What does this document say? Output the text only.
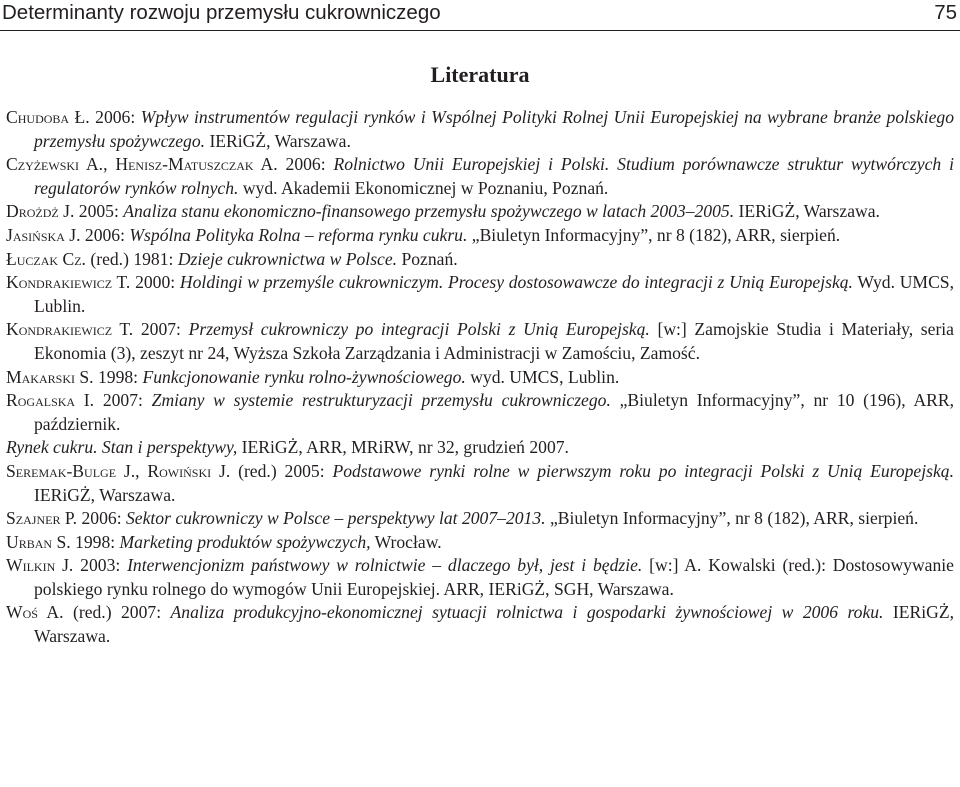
Determinanty rozwoju przemysłu cukrowniczego	75
Literatura

Chudoba Ł. 2006: Wpływ instrumentów regulacji rynków i Wspólnej Polityki Rolnej Unii Europejskiej na wybrane branże polskiego przemysłu spożywczego. IERiGŻ, Warszawa.

Czyżewski A., Henisz-Matuszczak A. 2006: Rolnictwo Unii Europejskiej i Polski. Studium porównawcze struktur wytwórczych i regulatorów rynków rolnych. wyd. Akademii Ekonomicznej w Poznaniu, Poznań.

Drożdż J. 2005: Analiza stanu ekonomiczno-finansowego przemysłu spożywczego w latach 2003–2005. IERiGŻ, Warszawa.

Jasińska J. 2006: Wspólna Polityka Rolna – reforma rynku cukru. „Biuletyn Informacyjny”, nr 8 (182), ARR, sierpień.

Łuczak Cz. (red.) 1981: Dzieje cukrownictwa w Polsce. Poznań.

Kondrakiewicz T. 2000: Holdingi w przemyśle cukrowniczym. Procesy dostosowawcze do integracji z Unią Europejską. Wyd. UMCS, Lublin.

Kondrakiewicz T. 2007: Przemysł cukrowniczy po integracji Polski z Unią Europejską. [w:] Zamojskie Studia i Materiały, seria Ekonomia (3), zeszyt nr 24, Wyższa Szkoła Zarządzania i Administracji w Zamościu, Zamość.

Makarski S. 1998: Funkcjonowanie rynku rolno-żywnościowego. wyd. UMCS, Lublin.

Rogalska I. 2007: Zmiany w systemie restrukturyzacji przemysłu cukrowniczego. „Biuletyn Informacyjny”, nr 10 (196), ARR, październik.

Rynek cukru. Stan i perspektywy, IERiGŻ, ARR, MRiRW, nr 32, grudzień 2007.

Seremak-Bulge J., Rowiński J. (red.) 2005: Podstawowe rynki rolne w pierwszym roku po integracji Polski z Unią Europejską. IERiGŻ, Warszawa.

Szajner P. 2006: Sektor cukrowniczy w Polsce – perspektywy lat 2007–2013. „Biuletyn Informacyjny”, nr 8 (182), ARR, sierpień.

Urban S. 1998: Marketing produktów spożywczych, Wrocław.

Wilkin J. 2003: Interwencjonizm państwowy w rolnictwie – dlaczego był, jest i będzie. [w:] A. Kowalski (red.): Dostosowywanie polskiego rynku rolnego do wymogów Unii Europejskiej. ARR, IERiGŻ, SGH, Warszawa.

Woś A. (red.) 2007: Analiza produkcyjno-ekonomicznej sytuacji rolnictwa i gospodarki żywnościowej w 2006 roku. IERiGŻ, Warszawa.
